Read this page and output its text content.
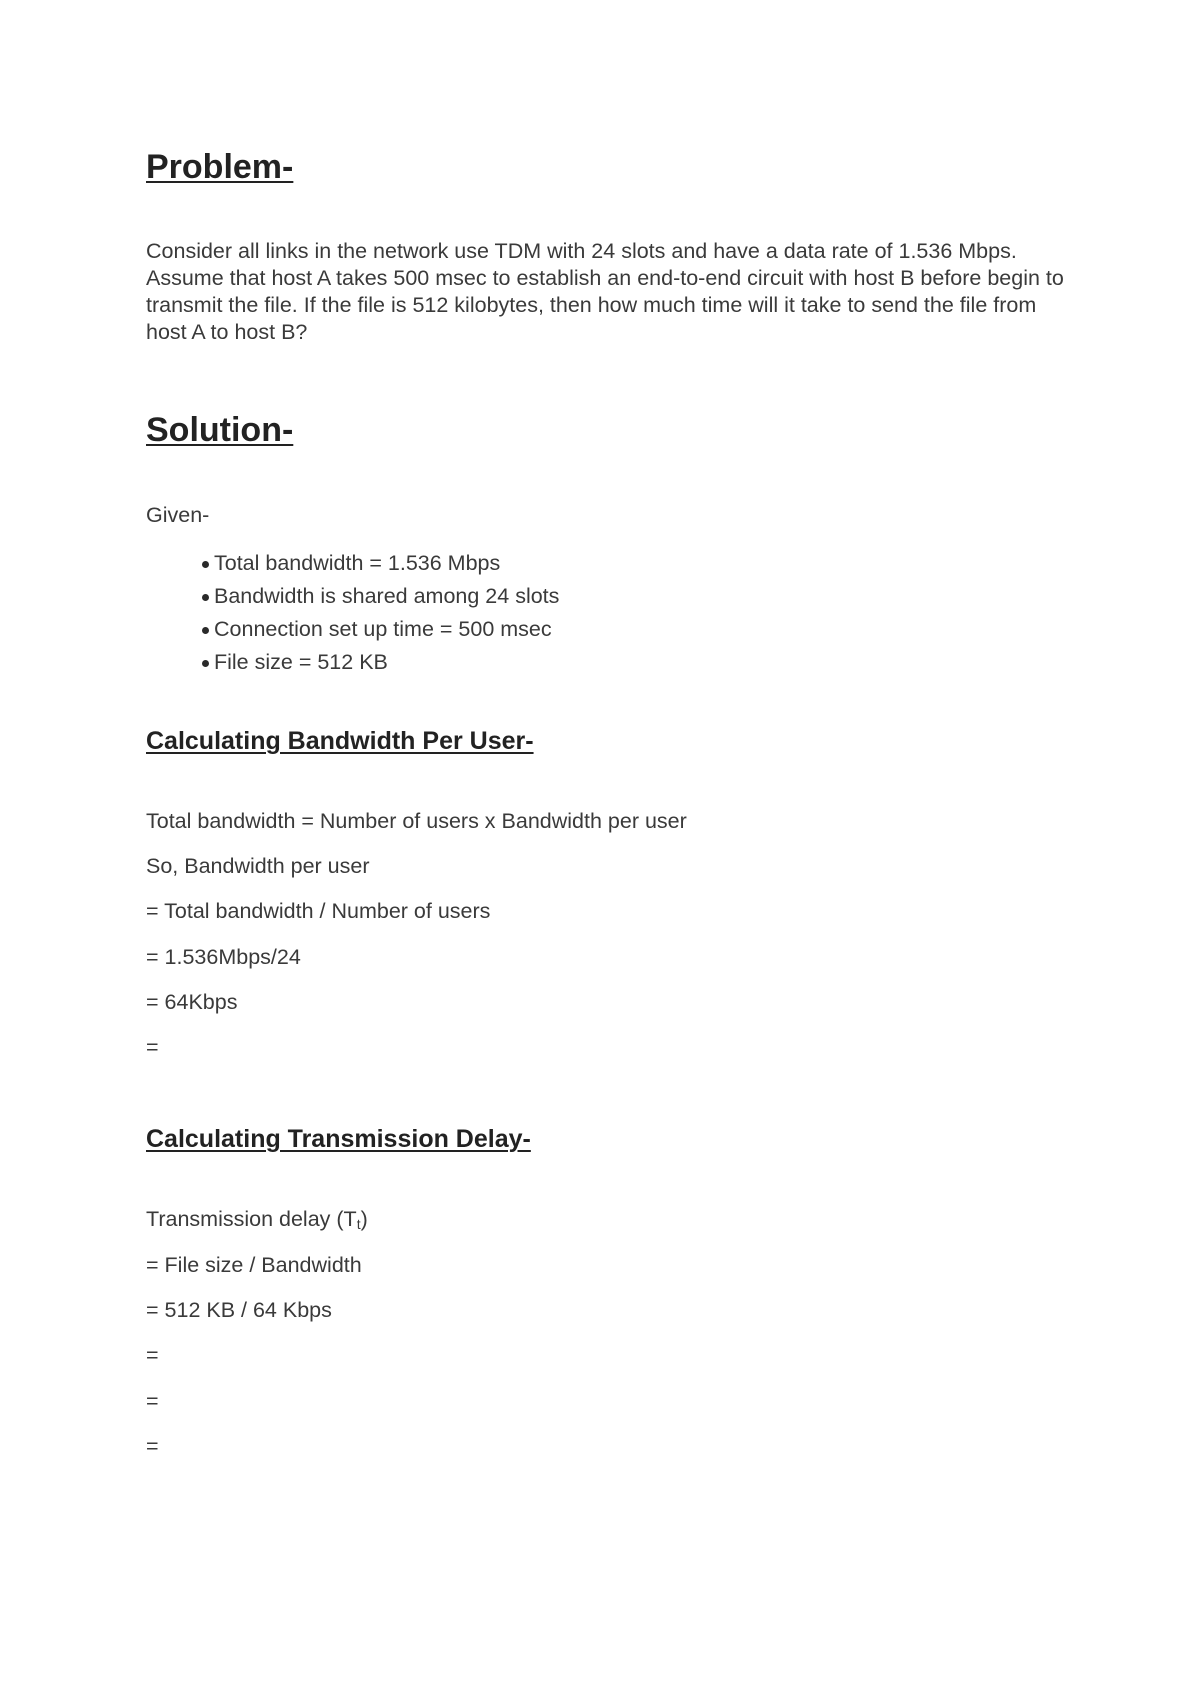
Problem-

Consider all links in the network use TDM with 24 slots and have a data rate of 1.536 Mbps. Assume that host A takes 500 msec to establish an end-to-end circuit with host B before begin to transmit the file. If the file is 512 kilobytes, then how much time will it take to send the file from host A to host B?

Solution-

Given-

Total bandwidth = 1.536 Mbps
Bandwidth is shared among 24 slots
Connection set up time = 500 msec
File size = 512 KB
Calculating Bandwidth Per User-

Total bandwidth = Number of users x Bandwidth per user

So, Bandwidth per user

= Total bandwidth / Number of users

= 1.536Mbps/24

= 64Kbps

=

Calculating Transmission Delay-

Transmission delay $(T_t)$

= File size / Bandwidth

= 512 KB / 64 Kbps

=

=

=
